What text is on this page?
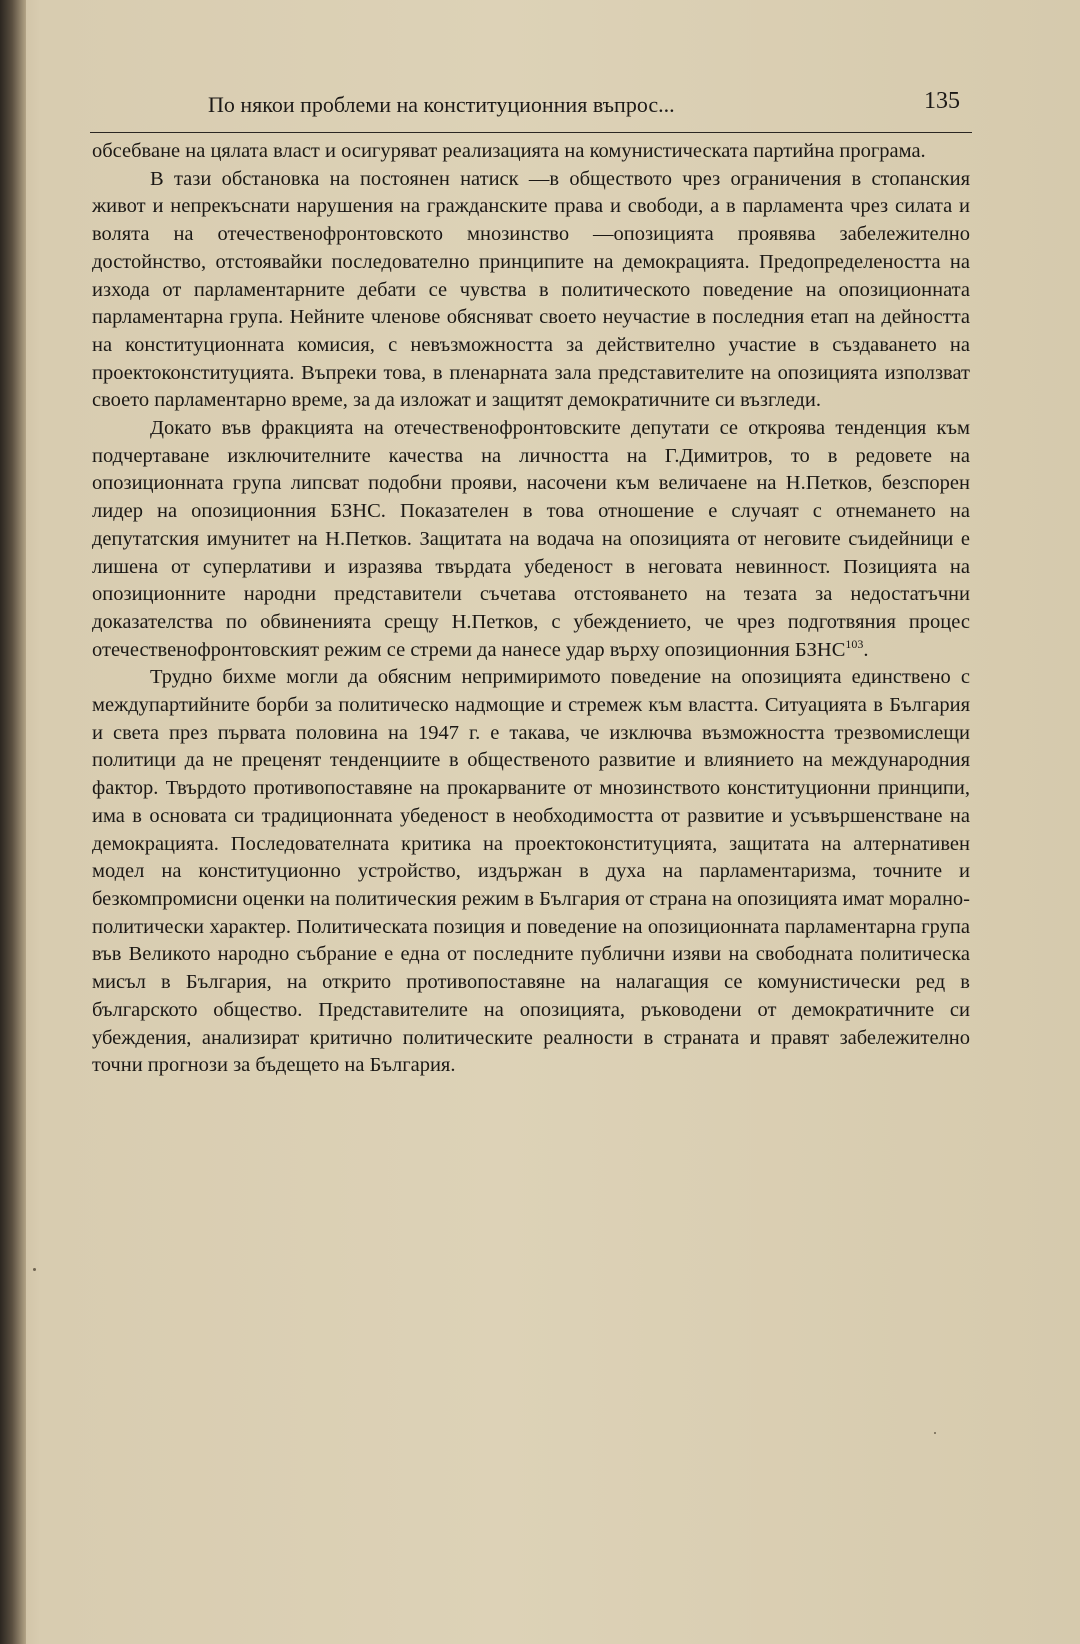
По някои проблеми на конституционния въпрос...	135

обсебване на цялата власт и осигуряват реализацията на комунистическата партийна програма.

В тази обстановка на постоянен натиск —в обществото чрез ограничения в стопанския живот и непрекъснати нарушения на гражданските права и свободи, а в парламента чрез силата и волята на отечественофронтовското мнозинство —опозицията проявява забележително достойнство, отстоявайки последователно принципите на демокрацията. Предопределеността на изхода от парламентарните дебати се чувства в политическото поведение на опозиционната парламентарна група. Нейните членове обясняват своето неучастие в последния етап на дейността на конституционната комисия, с невъзможността за действително участие в създаването на проектоконституцията. Въпреки това, в пленарната зала представителите на опозицията използват своето парламентарно време, за да изложат и защитят демократичните си възгледи.

Докато във фракцията на отечественофронтовските депутати се откроява тенденция към подчертаване изключителните качества на личността на Г.Димитров, то в редовете на опозиционната група липсват подобни прояви, насочени към величаене на Н.Петков, безспорен лидер на опозиционния БЗНС. Показателен в това отношение е случаят с отнемането на депутатския имунитет на Н.Петков. Защитата на водача на опозицията от неговите съидейници е лишена от суперлативи и изразява твърдата убеденост в неговата невинност. Позицията на опозиционните народни представители съчетава отстояването на тезата за недостатъчни доказателства по обвиненията срещу Н.Петков, с убеждението, че чрез подготвяния процес отечественофронтовският режим се стреми да нанесе удар върху опозиционния БЗНС$^{103}$.

Трудно бихме могли да обясним непримиримото поведение на опозицията единствено с междупартийните борби за политическо надмощие и стремеж към властта. Ситуацията в България и света през първата половина на 1947 г. е такава, че изключва възможността трезвомислещи политици да не преценят тенденциите в общественото развитие и влиянието на международния фактор. Твърдото противопоставяне на прокарваните от мнозинството конституционни принципи, има в основата си традиционната убеденост в необходимостта от развитие и усъвършенстване на демокрацията. Последователната критика на проектоконституцията, защитата на алтернативен модел на конституционно устройство, издържан в духа на парламентаризма, точните и безкомпромисни оценки на политическия режим в България от страна на опозицията имат морално-политически характер. Политическата позиция и поведение на опозиционната парламентарна група във Великото народно събрание е една от последните публични изяви на свободната политическа мисъл в България, на открито противопоставяне на налагащия се комунистически ред в българското общество. Представителите на опозицията, ръководени от демократичните си убеждения, анализират критично политическите реалности в страната и правят забележително точни прогнози за бъдещето на България.
